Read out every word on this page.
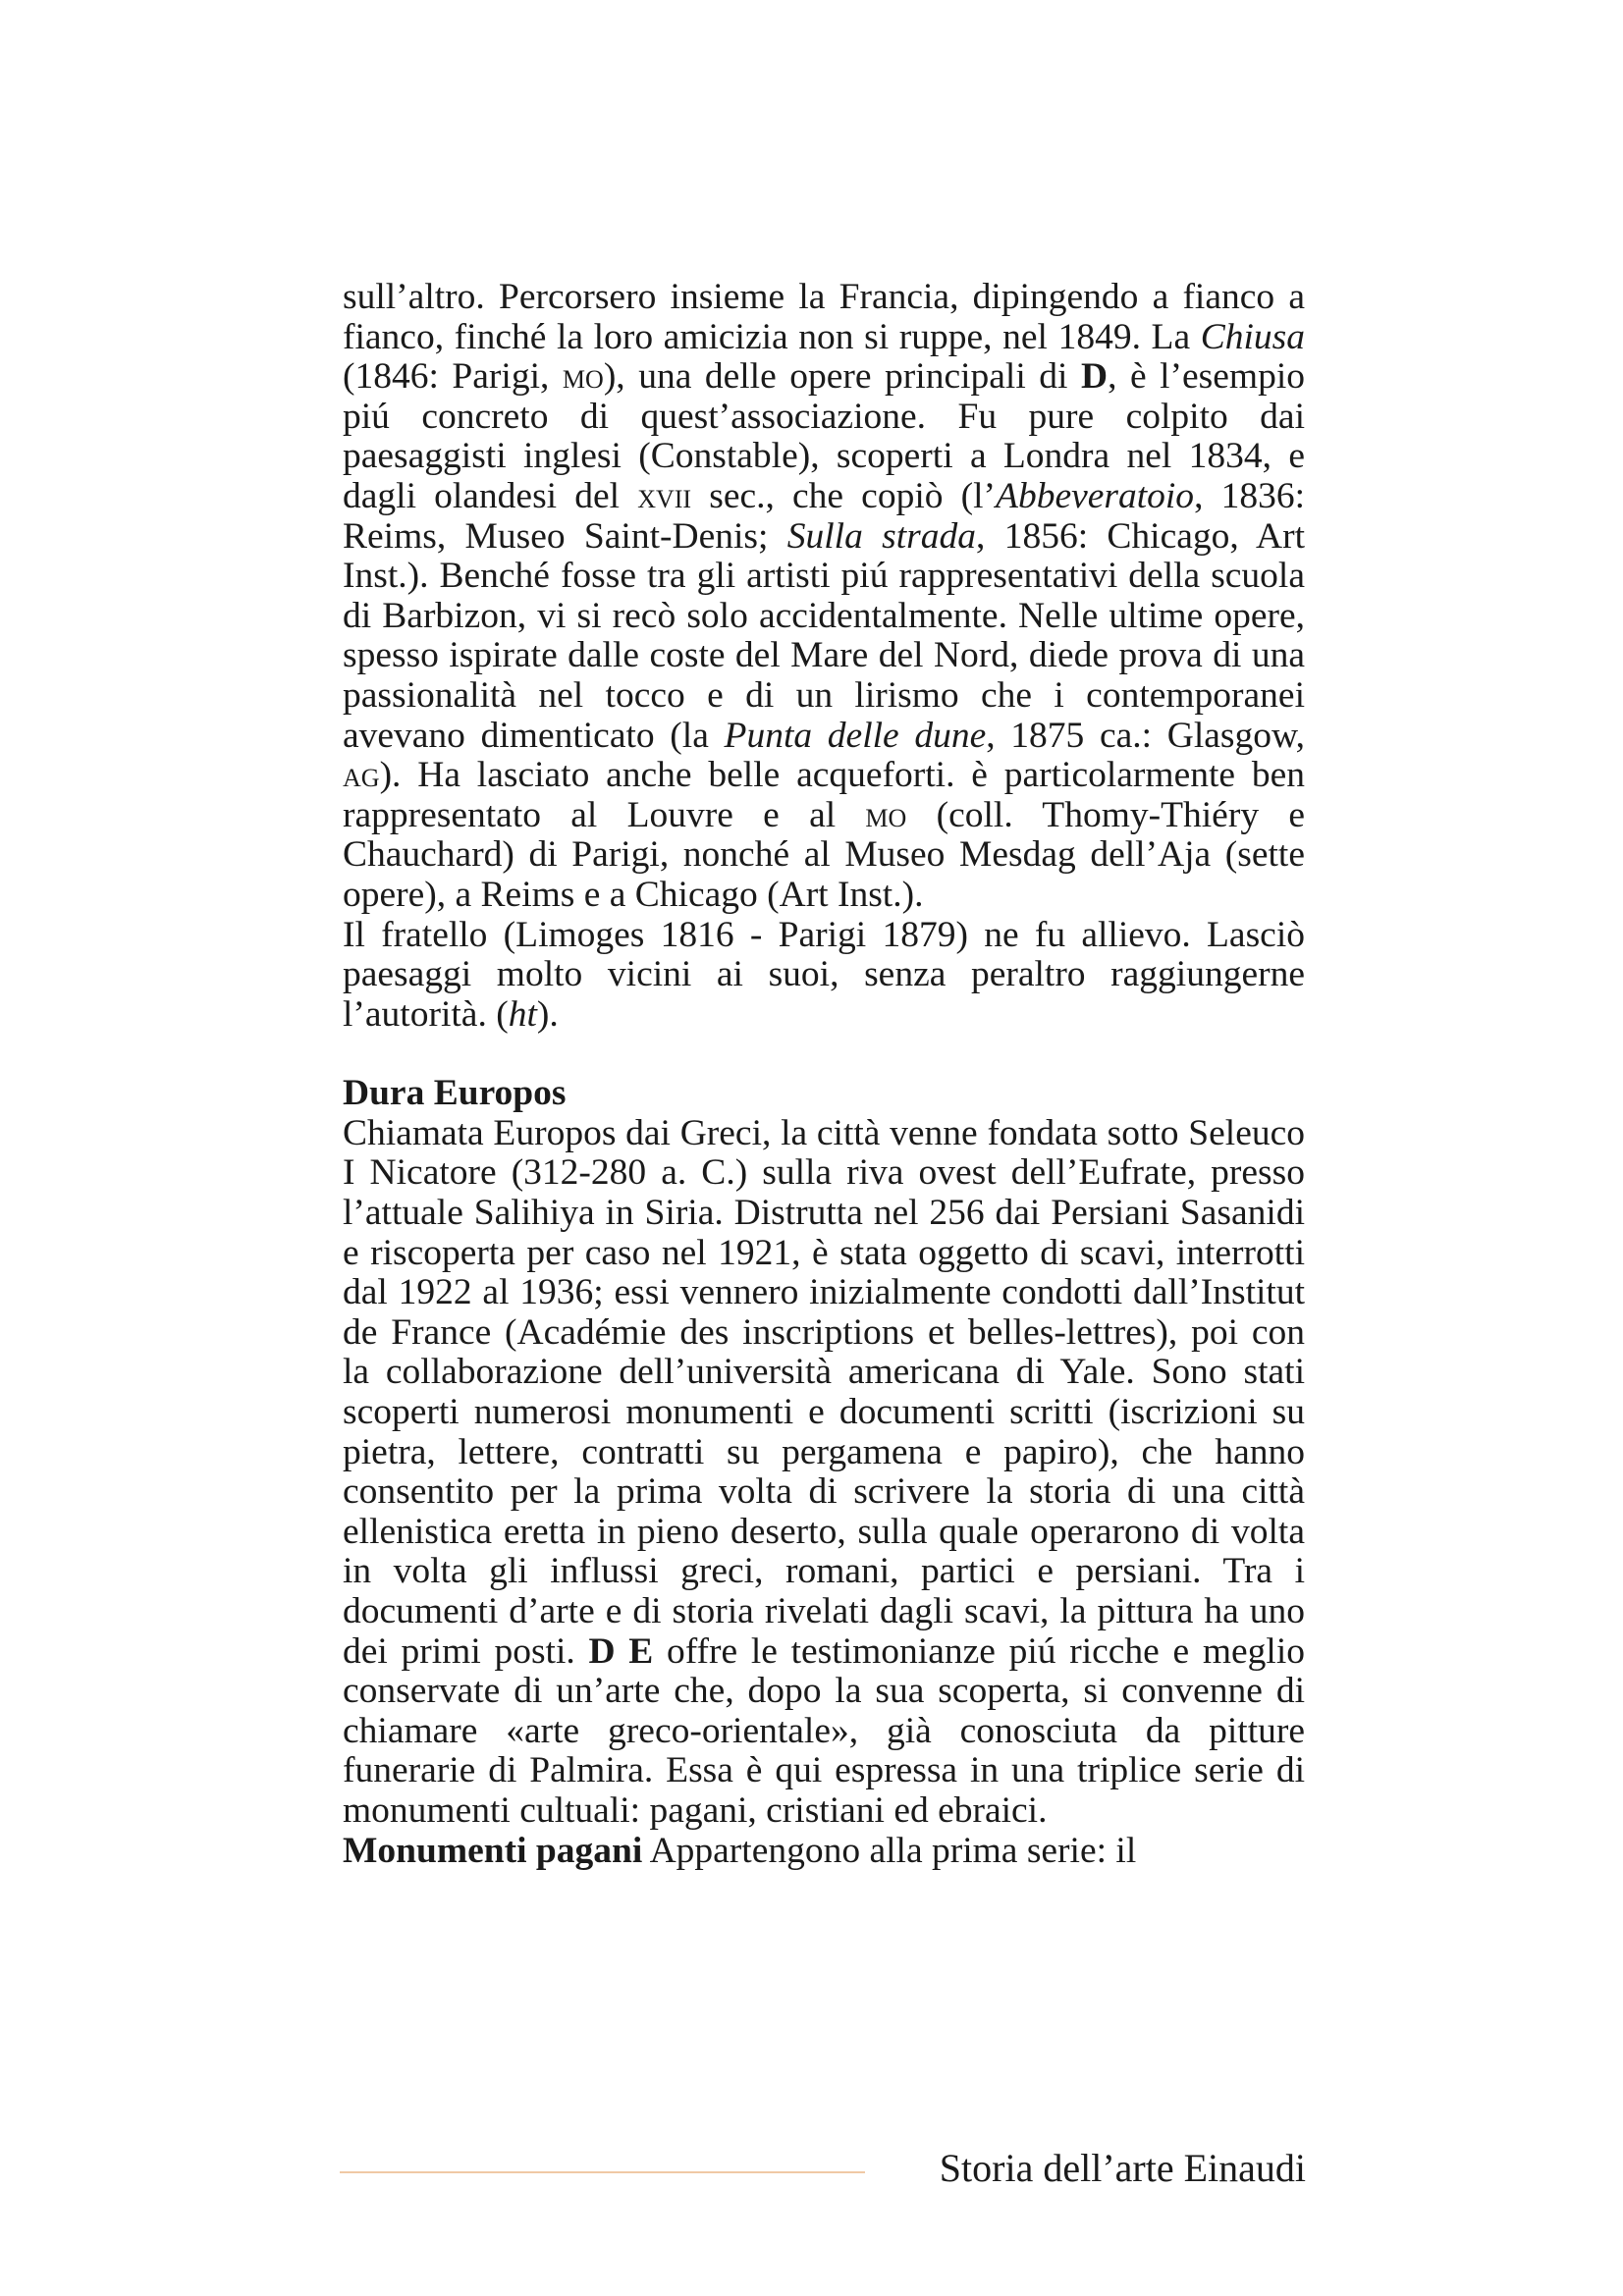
sull’altro. Percorsero insieme la Francia, dipingendo a fianco a fianco, finché la loro amicizia non si ruppe, nel 1849. La Chiusa (1846: Parigi, mo), una delle opere principali di D, è l’esempio piú concreto di quest’associazione. Fu pure colpito dai paesaggisti inglesi (Constable), scoperti a Londra nel 1834, e dagli olandesi del xvii sec., che copiò (l’Abbeveratoio, 1836: Reims, Museo Saint-Denis; Sulla strada, 1856: Chicago, Art Inst.). Benché fosse tra gli artisti piú rappresentativi della scuola di Barbizon, vi si recò solo accidentalmente. Nelle ultime opere, spesso ispirate dalle coste del Mare del Nord, diede prova di una passionalità nel tocco e di un lirismo che i contemporanei avevano dimenticato (la Punta delle dune, 1875 ca.: Glasgow, ag). Ha lasciato anche belle acqueforti. è particolarmente ben rappresentato al Louvre e al mo (coll. Thomy-Thiéry e Chauchard) di Parigi, nonché al Museo Mesdag dell’Aja (sette opere), a Reims e a Chicago (Art Inst.).

Il fratello (Limoges 1816 - Parigi 1879) ne fu allievo. Lasciò paesaggi molto vicini ai suoi, senza peraltro raggiungerne l’autorità. (ht).

Dura Europos

Chiamata Europos dai Greci, la città venne fondata sotto Seleuco I Nicatore (312-280 a. C.) sulla riva ovest dell’Eufrate, presso l’attuale Salihiya in Siria. Distrutta nel 256 dai Persiani Sasanidi e riscoperta per caso nel 1921, è stata oggetto di scavi, interrotti dal 1922 al 1936; essi vennero inizialmente condotti dall’Institut de France (Académie des inscriptions et belles-lettres), poi con la collaborazione dell’università americana di Yale. Sono stati scoperti numerosi monumenti e documenti scritti (iscrizioni su pietra, lettere, contratti su pergamena e papiro), che hanno consentito per la prima volta di scrivere la storia di una città ellenistica eretta in pieno deserto, sulla quale operarono di volta in volta gli influssi greci, romani, partici e persiani. Tra i documenti d’arte e di storia rivelati dagli scavi, la pittura ha uno dei primi posti. D E offre le testimonianze piú ricche e meglio conservate di un’arte che, dopo la sua scoperta, si convenne di chiamare «arte greco-orientale», già conosciuta da pitture funerarie di Palmira. Essa è qui espressa in una triplice serie di monumenti cultuali: pagani, cristiani ed ebraici.

Monumenti pagani Appartengono alla prima serie: il

Storia dell’arte Einaudi
